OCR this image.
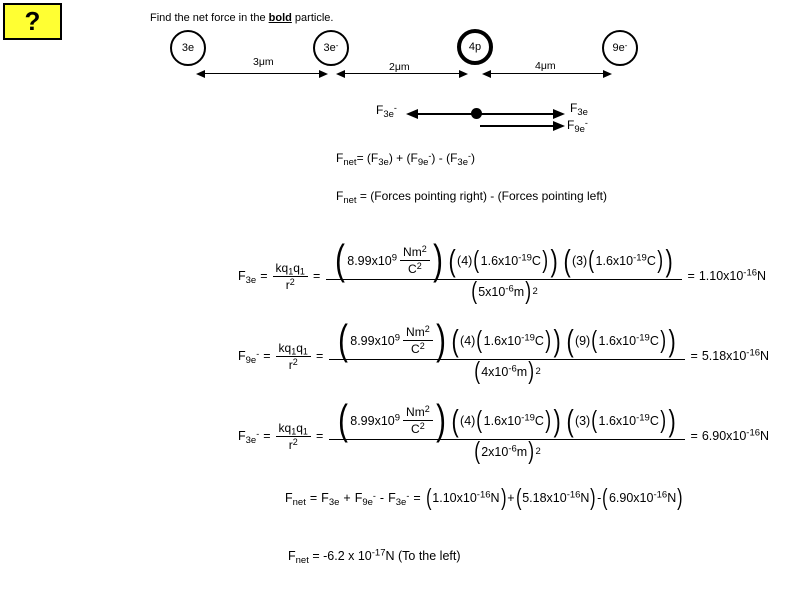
?	Find the net force in the bold particle.
3e	3e-	4p	9e-
3μm	2μm	4μm
$F_{3e}^-$	$F_{3e}$
$F_{9e}^-$
$F_{net}= (F_{3e}) + (F_{9e}^-) - (F_{3e}^-)$
$F_{net}$ = (Forces pointing right) - (Forces pointing left)
$F_{3e} = \frac{kq_1q_1}{r^2}$ = ( $8.99x10^9$ Nm$^2$
$C^2$ ) ( (4) ( $1.6x10^{-19}C$ ) ) ( (3) ( $1.6x10^{-19}C$ ) )
( $5x10^{-6}m$ ) 2
= $1.10x10^{-16}N$
$F_{9e}^- = \frac{kq_1q_1}{r^2}$ = ( $8.99x10^9$ Nm$^2$
$C^2$ ) ( (4) ( $1.6x10^{-19}C$ ) ) ( (9) ( $1.6x10^{-19}C$ ) )
( $4x10^{-6}m$ ) 2
= $5.18x10^{-16}N$
$F_{3e}^- = \frac{kq_1q_1}{r^2}$ = ( $8.99x10^9$ Nm$^2$
$C^2$ ) ( (4) ( $1.6x10^{-19}C$ ) ) ( (3) ( $1.6x10^{-19}C$ ) )
( $2x10^{-6}m$ ) 2
= $6.90x10^{-16}N$
$F_{net} = F_{3e} + F_{9e}^- - F_{3e}^-$ = ( $1.10x10^{-16}N$ ) + ( $5.18x10^{-16}N$ ) - ( $6.90x10^{-16}N$ )
$F_{net} = -6.2$ x $10^{-17}N$ (To the left)
